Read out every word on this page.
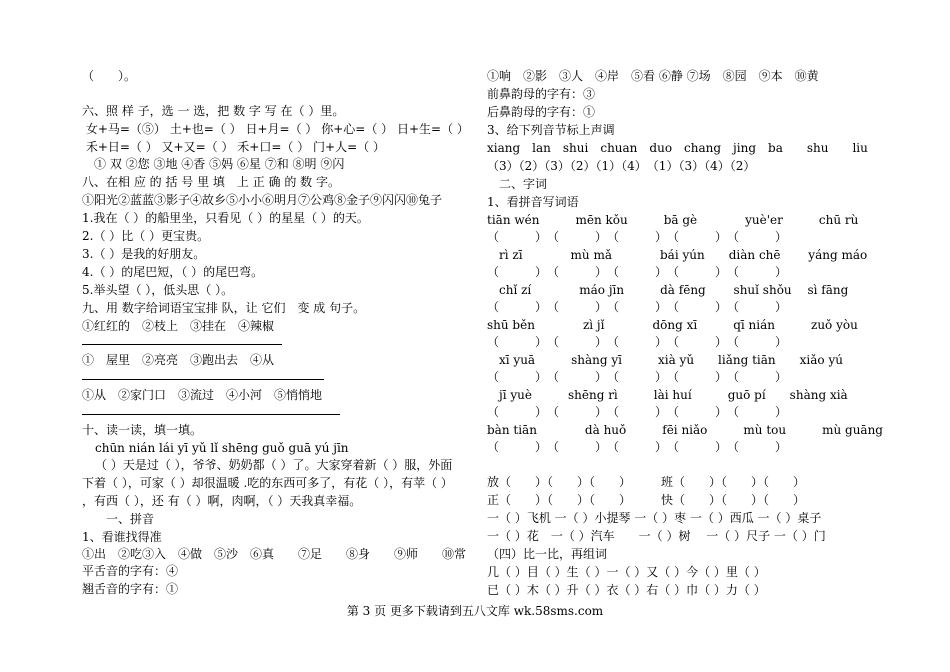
（　　）。
六、照 样 子，选 一 选，把 数 字 写 在（ ）里。
女+马=（⑤） 土+也=（ ） 日+月=（ ） 你+心=（ ） 日+生=（ ）
禾+日=（ ） 又+又=（ ） 禾+口=（ ） 门+人=（ ）
　① 双 ②您 ③地 ④香 ⑤妈 ⑥星 ⑦和 ⑧明 ⑨闪
八、在相 应 的 括 号 里 填　上 正 确 的 数 字。
①阳光②蓝蓝③影子④故乡⑤小小⑥明月⑦公鸡⑧金子⑨闪闪⑩兔子
1.我在（ ）的船里坐，只看见（ ）的星星（ ）的天。
2.（ ）比（ ）更宝贵。
3.（ ）是我的好朋友。
4.（ ）的尾巴短，（ ）的尾巴弯。
5.举头望（ ），低头思（ ）。
九、用 数字给词语宝宝排 队，让 它们　变 成 句子。
①红红的　②枝上　③挂在　④辣椒
①　屋里　②亮亮　③跑出去　④从
①从　②家门口　③流过　④小河　⑤悄悄地
十、读一读，填一填。
chūn nián lái yī yǔ lǐ shēng guǒ guā yú jīn
（ ）天是过（ ），爷爷、奶奶都（ ）了。大家穿着新（ ）服，外面
下着（ ），可家（ ）却很温暖 .吃的东西可多了，有花（ ），有苹（ ）
，有西（ ），还 有（ ）啊，肉啊，（ ）天我真幸福。
　　一、拼音
1、看谁找得准
①出　②吃③入　④做　⑤沙　⑥真　　⑦足　　⑧身　　⑨师　　⑩常
平舌音的字有：④
翘舌音的字有：①
①响　②影　③人　④岸　⑤看 ⑥静 ⑦场　⑧园　⑨本　⑩黄
前鼻韵母的字有：③
后鼻韵母的字有：①
3、给下列音节标上声调
xiang　lan　shui　chuan　duo　chang　jing　ba　　shu　　liu
（3）（2）（3）（2）（1）（4）　（1）（3）（4）（2）
　二、字词
1、看拼音写词语
tiān wén　　　mēn kǒu　　　bā gè　　　　yuè'er　　　chū rù
（　　　）　（　　　）　（　　　）　（　　　）　（　　　）
　rì zī　　　　mù mǎ　　　　bái yún　　diàn chē　　 yáng máo
（　　　）　（　　　）　（　　　）　（　　　）　（　　　）
　chǐ zí　　　　máo jīn　　　dà fēng　　 shuǐ shǒu　 sì fāng
（　　　）　（　　　）　（　　　）　（　　　）　（　　　）
shū běn　　　　zì jǐ　　　　dōng xī　　　qī nián　　　zuǒ yòu
（　　　）　（　　　）　（　　　）　（　　　）　（　　　）
　xī yuā　　　shàng yī　　　xià yǔ　　liǎng tiān　　xiǎo yú
（　　　）　（　　　）　（　　　）　（　　　）　（　　　）
　jī yuè　　　shēng rì　　　lài huí　　　guō pí　　shàng xià
（　　　）　（　　　）　（　　　）　（　　　）　（　　　）
bàn tiān　　　　dà huǒ　　　fēi niǎo　　　mù tou　　　mù guāng
（　　　）　（　　　）　（　　　）　（　　　）　（　　　）
放（　　）（　　）（　　）　　　班（　　）（　　）（　　）
正（　　）（　　）（　　）　　　快（　　）（　　）（　　）
一（ ）飞机 一（ ）小提琴 一（ ）枣 一（ ）西瓜 一（ ）桌子
一（ ）花　一（ ）汽车　　一（ ）树　 一（ ）尺子 一（ ）门
（四）比一比，再组词
几（ ）目（ ）生（ ）一（ ）又（ ）今（ ）里（ ）
已（ ）木（ ）升（ ）衣（ ）右（ ）巾（ ）力（ ）
第 3 页 更多下载请到五八文库 wk.58sms.com
